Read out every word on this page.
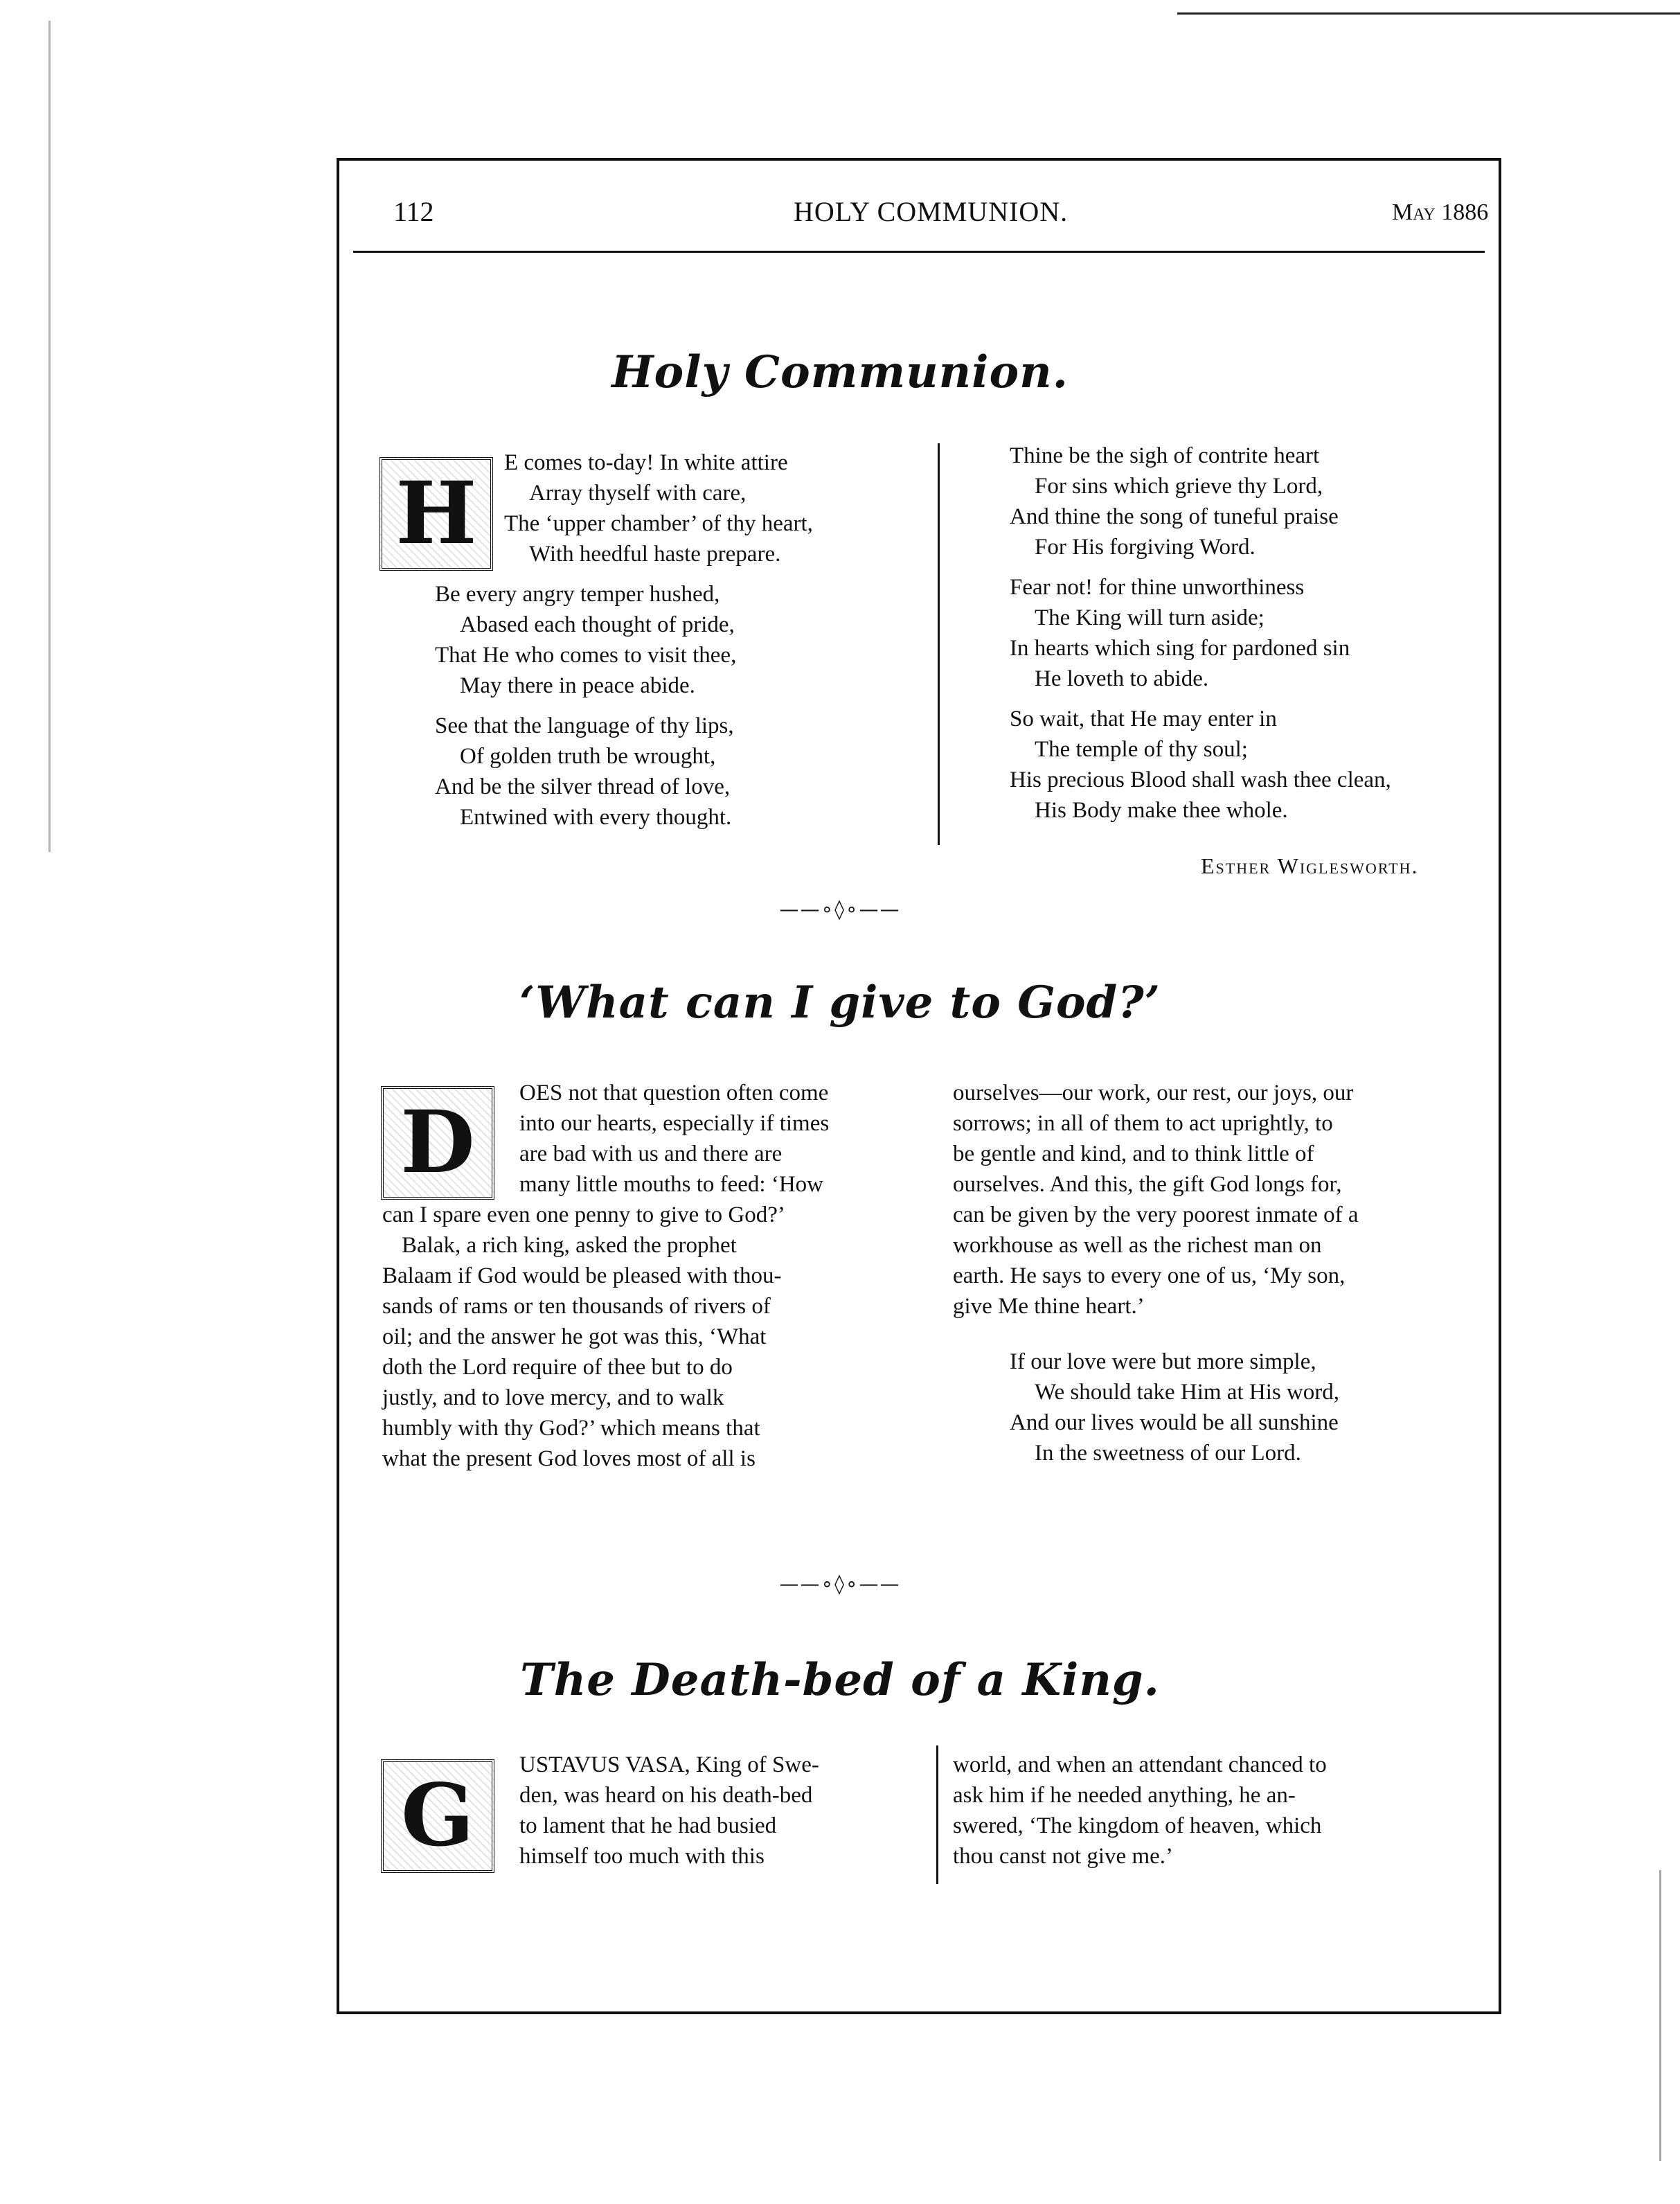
112	HOLY COMMUNION.	May 1886
Holy Communion.
H

E comes to-day! In white attire

Array thyself with care,

The ‘upper chamber’ of thy heart,

With heedful haste prepare.

Be every angry temper hushed,

Abased each thought of pride,

That He who comes to visit thee,

May there in peace abide.

See that the language of thy lips,

Of golden truth be wrought,

And be the silver thread of love,

Entwined with every thought.

Thine be the sigh of contrite heart

For sins which grieve thy Lord,

And thine the song of tuneful praise

For His forgiving Word.

Fear not! for thine unworthiness

The King will turn aside;

In hearts which sing for pardoned sin

He loveth to abide.

So wait, that He may enter in

The temple of thy soul;

His precious Blood shall wash thee clean,

His Body make thee whole.

Esther Wiglesworth.
——∘◊∘——
‘What can I give to God?’
D	OES not that question often come

into our hearts, especially if times

are bad with us and there are

many little mouths to feed: ‘How

can I spare even one penny to give to God?’

Balak, a rich king, asked the prophet

Balaam if God would be pleased with thou-

sands of rams or ten thousands of rivers of

oil; and the answer he got was this, ‘What

doth the Lord require of thee but to do

justly, and to love mercy, and to walk

humbly with thy God?’ which means that

what the present God loves most of all is

ourselves—our work, our rest, our joys, our

sorrows; in all of them to act uprightly, to

be gentle and kind, and to think little of

ourselves. And this, the gift God longs for,

can be given by the very poorest inmate of a

workhouse as well as the richest man on

earth. He says to every one of us, ‘My son,

give Me thine heart.’

If our love were but more simple,

We should take Him at His word,

And our lives would be all sunshine

In the sweetness of our Lord.

——∘◊∘——
The Death-bed of a King.
G

USTAVUS VASA, King of Swe-

den, was heard on his death-bed

to lament that he had busied

himself too much with this

world, and when an attendant chanced to

ask him if he needed anything, he an-

swered, ‘The kingdom of heaven, which

thou canst not give me.’
